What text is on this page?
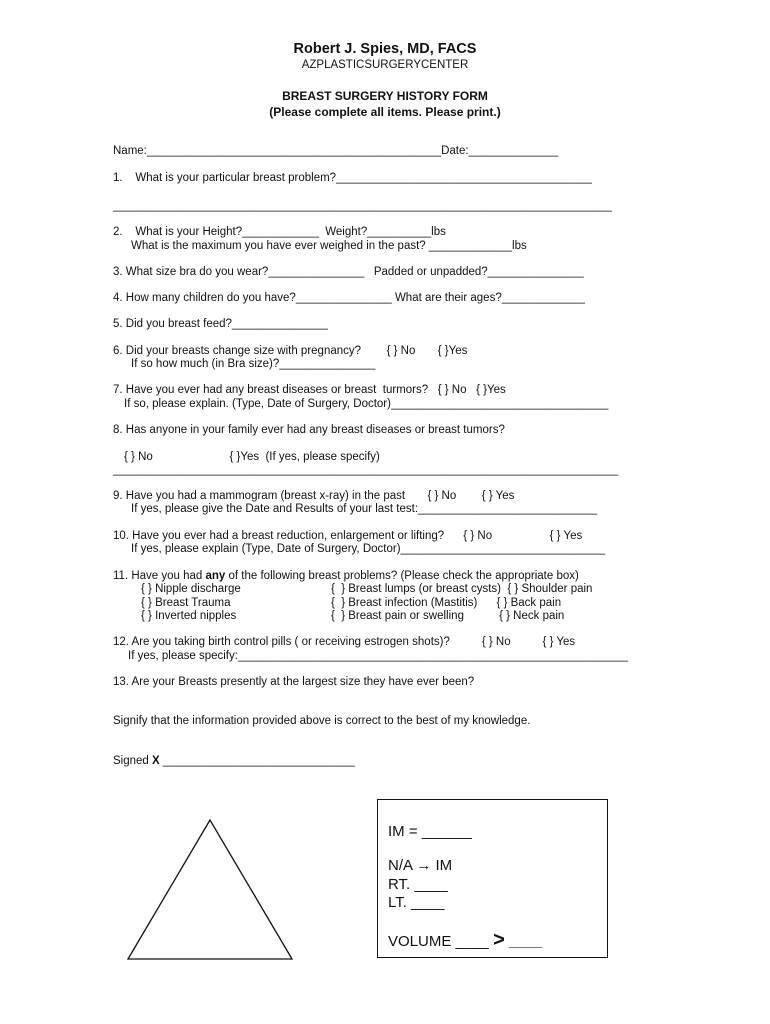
Robert J. Spies, MD, FACS
AZPLASTICSURGERYCENTER
BREAST SURGERY HISTORY FORM
(Please complete all items. Please print.)
Name:______________________________________________Date:______________
1.    What is your particular breast problem?________________________________________
______________________________________________________________________________
2.    What is your Height?____________  Weight?__________lbs
What is the maximum you have ever weighed in the past? _____________lbs
3. What size bra do you wear?_______________   Padded or unpadded?_______________
4. How many children do you have?_______________ What are their ages?_____________
5. Did you breast feed?_______________
6. Did your breasts change size with pregnancy?        { } No       { }Yes
If so how much (in Bra size)?_______________
7. Have you ever had any breast diseases or breast  turmors?   { } No   { }Yes
If so, please explain. (Type, Date of Surgery, Doctor)__________________________________
8. Has anyone in your family ever had any breast diseases or breast tumors?
{ } No                        { }Yes  (If yes, please specify)
_______________________________________________________________________________
9. Have you had a mammogram (breast x-ray) in the past       { } No        { } Yes
If yes, please give the Date and Results of your last test:____________________________
10. Have you ever had a breast reduction, enlargement or lifting?      { } No                  { } Yes
If yes, please explain (Type, Date of Surgery, Doctor)________________________________
11. Have you had any of the following breast problems? (Please check the appropriate box)
{ } Nipple discharge	{  } Breast lumps (or breast cysts)  { } Shoulder pain
{ } Breast Trauma	{  } Breast infection (Mastitis)      { } Back pain
{ } Inverted nipples	{  } Breast pain or swelling           { } Neck pain
12. Are you taking birth control pills ( or receiving estrogen shots)?          { } No          { } Yes
If yes, please specify:_____________________________________________________________
13. Are your Breasts presently at the largest size they have ever been?
Signify that the information provided above is correct to the best of my knowledge.
Signed X ______________________________
IM = ______
N/A → IM
RT. ____
LT. ____
VOLUME ____ > ____
